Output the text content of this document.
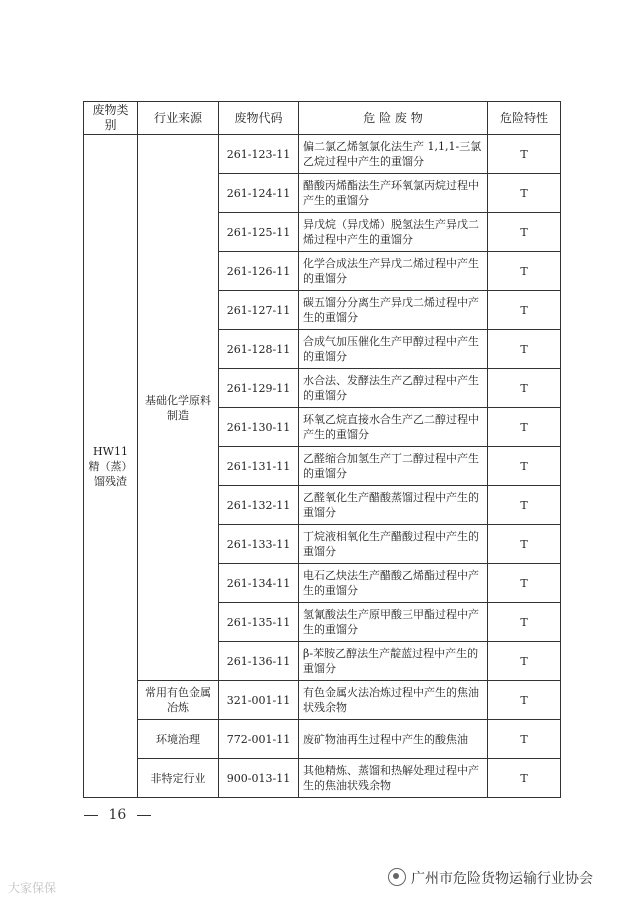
废物类别	行业来源	废物代码	危 险 废 物	危险特性

HW11
精（蒸）
馏残渣	基础化学原料制造	261-123-11	偏二氯乙烯氢氯化法生产 1,1,1-三氯乙烷过程中产生的重馏分	T
		261-124-11	醋酸丙烯酯法生产环氧氯丙烷过程中产生的重馏分	T
		261-125-11	异戊烷（异戊烯）脱氢法生产异戊二烯过程中产生的重馏分	T
		261-126-11	化学合成法生产异戊二烯过程中产生的重馏分	T
		261-127-11	碳五馏分分离生产异戊二烯过程中产生的重馏分	T
		261-128-11	合成气加压催化生产甲醇过程中产生的重馏分	T
		261-129-11	水合法、发酵法生产乙醇过程中产生的重馏分	T
		261-130-11	环氧乙烷直接水合生产乙二醇过程中产生的重馏分	T
		261-131-11	乙醛缩合加氢生产丁二醇过程中产生的重馏分	T
		261-132-11	乙醛氧化生产醋酸蒸馏过程中产生的重馏分	T
		261-133-11	丁烷液相氧化生产醋酸过程中产生的重馏分	T
		261-134-11	电石乙炔法生产醋酸乙烯酯过程中产生的重馏分	T
		261-135-11	氢氰酸法生产原甲酸三甲酯过程中产生的重馏分	T
		261-136-11	β-苯胺乙醇法生产靛蓝过程中产生的重馏分	T
	常用有色金属冶炼	321-001-11	有色金属火法冶炼过程中产生的焦油状残余物	T
	环境治理	772-001-11	废矿物油再生过程中产生的酸焦油	T
	非特定行业	900-013-11	其他精炼、蒸馏和热解处理过程中产生的焦油状残余物	T
16
大家保保
广州市危险货物运输行业协会
